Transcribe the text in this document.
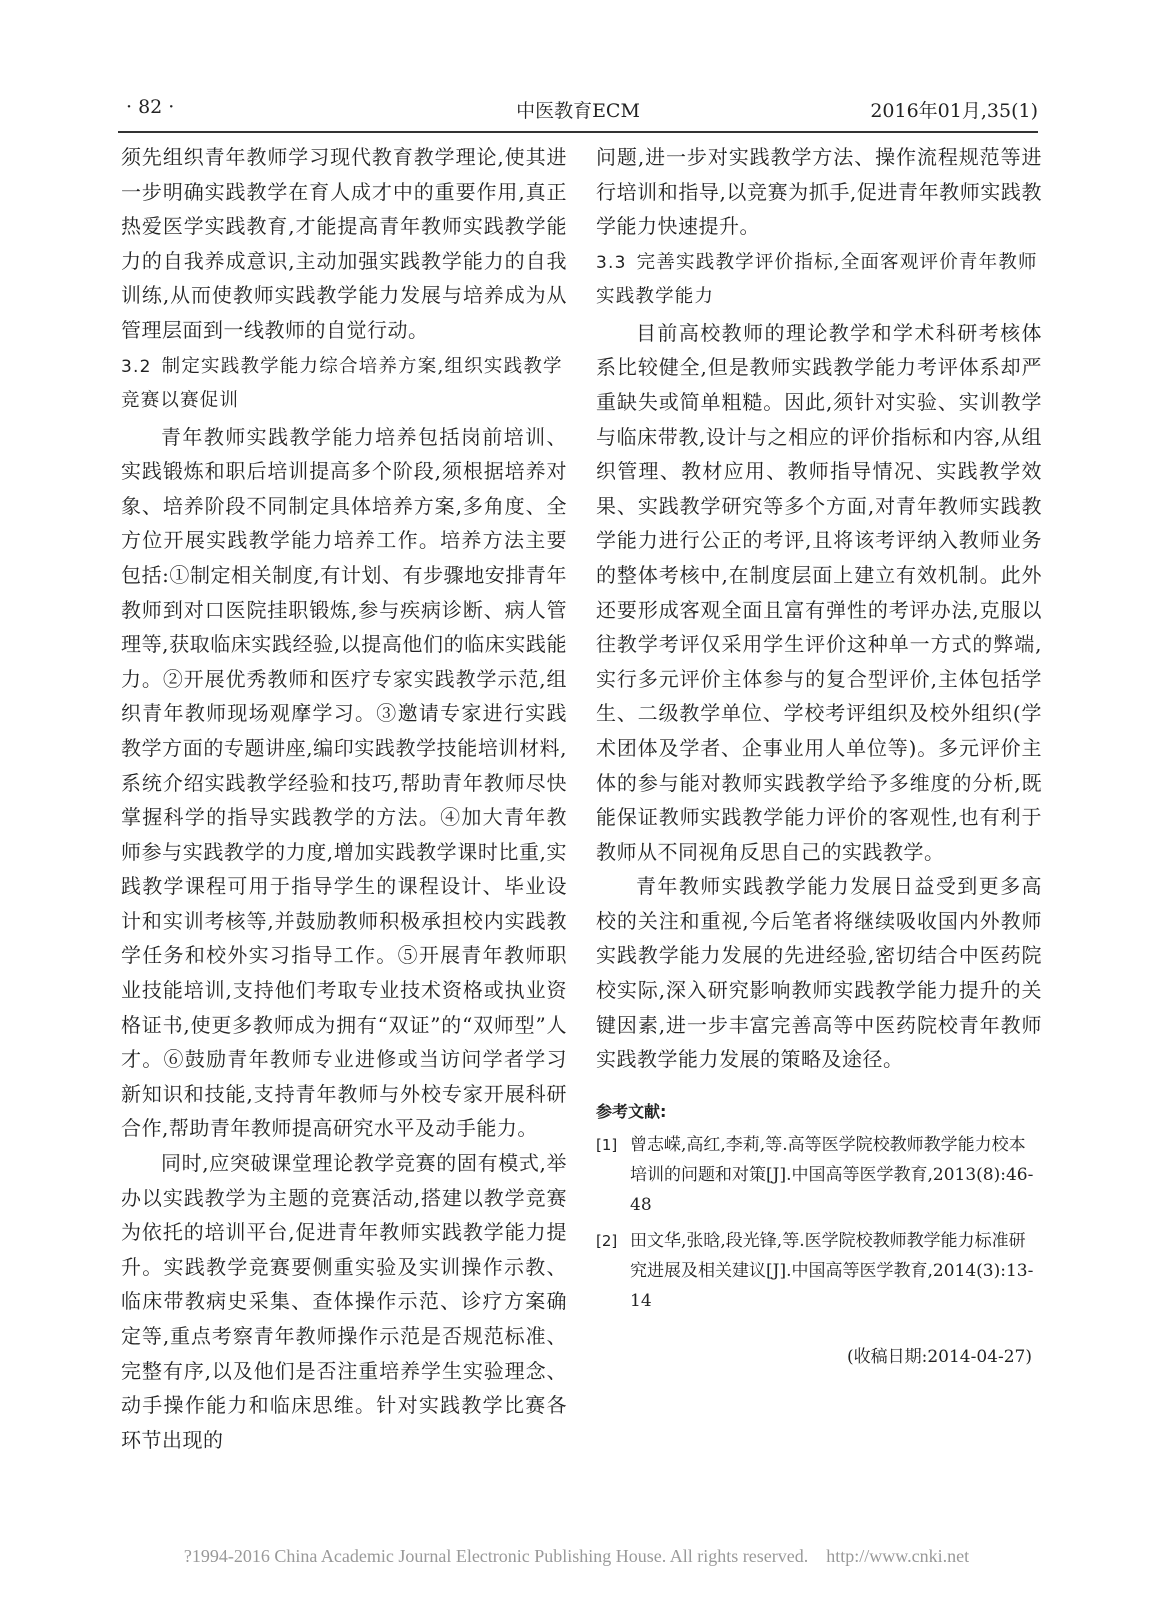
· 82 ·	中医教育ECM	2016年01月,35(1)

须先组织青年教师学习现代教育教学理论,使其进一步明确实践教学在育人成才中的重要作用,真正热爱医学实践教育,才能提高青年教师实践教学能力的自我养成意识,主动加强实践教学能力的自我训练,从而使教师实践教学能力发展与培养成为从管理层面到一线教师的自觉行动。

3.2 制定实践教学能力综合培养方案,组织实践教学竞赛以赛促训

青年教师实践教学能力培养包括岗前培训、实践锻炼和职后培训提高多个阶段,须根据培养对象、培养阶段不同制定具体培养方案,多角度、全方位开展实践教学能力培养工作。培养方法主要包括:①制定相关制度,有计划、有步骤地安排青年教师到对口医院挂职锻炼,参与疾病诊断、病人管理等,获取临床实践经验,以提高他们的临床实践能力。②开展优秀教师和医疗专家实践教学示范,组织青年教师现场观摩学习。③邀请专家进行实践教学方面的专题讲座,编印实践教学技能培训材料,系统介绍实践教学经验和技巧,帮助青年教师尽快掌握科学的指导实践教学的方法。④加大青年教师参与实践教学的力度,增加实践教学课时比重,实践教学课程可用于指导学生的课程设计、毕业设计和实训考核等,并鼓励教师积极承担校内实践教学任务和校外实习指导工作。⑤开展青年教师职业技能培训,支持他们考取专业技术资格或执业资格证书,使更多教师成为拥有“双证”的“双师型”人才。⑥鼓励青年教师专业进修或当访问学者学习新知识和技能,支持青年教师与外校专家开展科研合作,帮助青年教师提高研究水平及动手能力。

同时,应突破课堂理论教学竞赛的固有模式,举办以实践教学为主题的竞赛活动,搭建以教学竞赛为依托的培训平台,促进青年教师实践教学能力提升。实践教学竞赛要侧重实验及实训操作示教、临床带教病史采集、查体操作示范、诊疗方案确定等,重点考察青年教师操作示范是否规范标准、完整有序,以及他们是否注重培养学生实验理念、动手操作能力和临床思维。针对实践教学比赛各环节出现的

问题,进一步对实践教学方法、操作流程规范等进行培训和指导,以竞赛为抓手,促进青年教师实践教学能力快速提升。

3.3 完善实践教学评价指标,全面客观评价青年教师实践教学能力

目前高校教师的理论教学和学术科研考核体系比较健全,但是教师实践教学能力考评体系却严重缺失或简单粗糙。因此,须针对实验、实训教学与临床带教,设计与之相应的评价指标和内容,从组织管理、教材应用、教师指导情况、实践教学效果、实践教学研究等多个方面,对青年教师实践教学能力进行公正的考评,且将该考评纳入教师业务的整体考核中,在制度层面上建立有效机制。此外还要形成客观全面且富有弹性的考评办法,克服以往教学考评仅采用学生评价这种单一方式的弊端,实行多元评价主体参与的复合型评价,主体包括学生、二级教学单位、学校考评组织及校外组织(学术团体及学者、企事业用人单位等)。多元评价主体的参与能对教师实践教学给予多维度的分析,既能保证教师实践教学能力评价的客观性,也有利于教师从不同视角反思自己的实践教学。

青年教师实践教学能力发展日益受到更多高校的关注和重视,今后笔者将继续吸收国内外教师实践教学能力发展的先进经验,密切结合中医药院校实际,深入研究影响教师实践教学能力提升的关键因素,进一步丰富完善高等中医药院校青年教师实践教学能力发展的策略及途径。

参考文献:
[1] 曾志嵘,高红,李莉,等.高等医学院校教师教学能力校本培训的问题和对策[J].中国高等医学教育,2013(8):46-48
[2] 田文华,张晗,段光锋,等.医学院校教师教学能力标准研究进展及相关建议[J].中国高等医学教育,2014(3):13-14
(收稿日期:2014-04-27)
?1994-2016 China Academic Journal Electronic Publishing House. All rights reserved.    http://www.cnki.net
